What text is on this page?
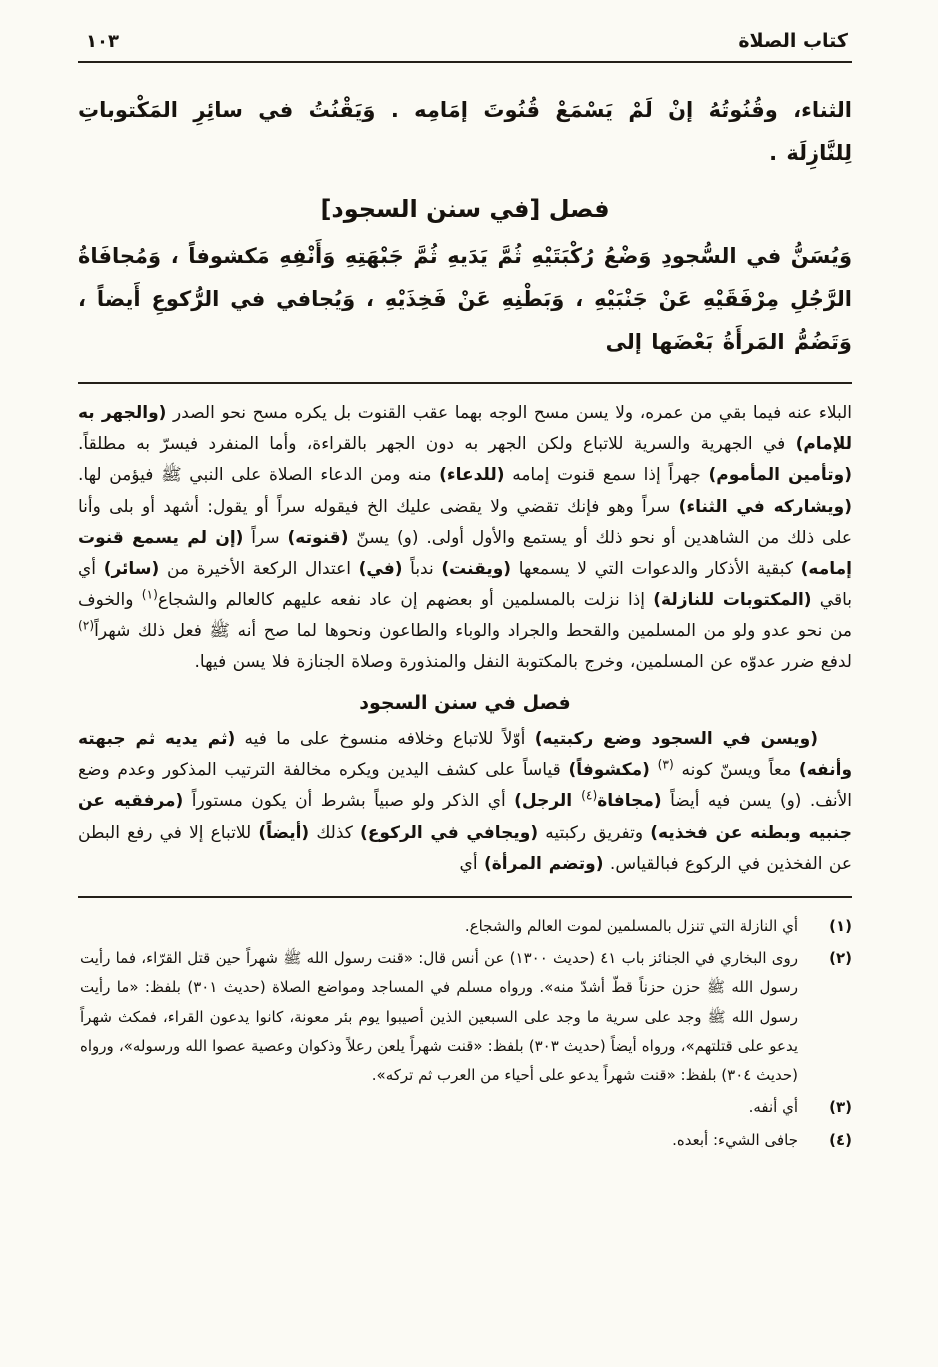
كتاب الصلاة
١٠٣

الثناء، وقُنُوتُهُ إنْ لَمْ يَسْمَعْ قُنُوتَ إمَامِه . وَيَقْنُتُ في سائِرِ المَكْتوباتِ لِلنَّازِلَة .

فصل [في سنن السجود]

وَيُسَنُّ في السُّجودِ وَضْعُ رُكْبَتَيْهِ ثُمَّ يَدَيهِ ثُمَّ جَبْهَتِهِ وَأَنْفِهِ مَكشوفاً ، وَمُجافَاةُ الرَّجُلِ مِرْفَقَيْهِ عَنْ جَنْبَيْهِ ، وَبَطْنِهِ عَنْ فَخِذَيْهِ ، وَيُجافي في الرُّكوعِ أَيضاً ، وَتَضُمُّ المَرأَةُ بَعْضَها إلى

البلاء عنه فيما بقي من عمره، ولا يسن مسح الوجه بهما عقب القنوت بل يكره مسح نحو الصدر (والجهر به للإمام) في الجهرية والسرية للاتباع ولكن الجهر به دون الجهر بالقراءة، وأما المنفرد فيسرّ به مطلقاً. (وتأمين المأموم) جهراً إذا سمع قنوت إمامه (للدعاء) منه ومن الدعاء الصلاة على النبي ﷺ فيؤمن لها. (ويشاركه في الثناء) سراً وهو فإنك تقضي ولا يقضى عليك الخ فيقوله سراً أو يقول: أشهد أو بلى وأنا على ذلك من الشاهدين أو نحو ذلك أو يستمع والأول أولى. (و) يسنّ (قنوته) سراً (إن لم يسمع قنوت إمامه) كبقية الأذكار والدعوات التي لا يسمعها (ويقنت) ندباً (في) اعتدال الركعة الأخيرة من (سائر) أي باقي (المكتوبات للنازلة) إذا نزلت بالمسلمين أو بعضهم إن عاد نفعه عليهم كالعالم والشجاع$^{(١)}$ والخوف من نحو عدو ولو من المسلمين والقحط والجراد والوباء والطاعون ونحوها لما صح أنه ﷺ فعل ذلك شهراً$^{(٢)}$ لدفع ضرر عدوّه عن المسلمين، وخرج بالمكتوبة النفل والمنذورة وصلاة الجنازة فلا يسن فيها.

فصل في سنن السجود

(ويسن في السجود وضع ركبتيه) أوّلاً للاتباع وخلافه منسوخ على ما فيه (ثم يديه ثم جبهته وأنفه) معاً ويسنّ كونه $^{(٣)}$ (مكشوفاً) قياساً على كشف اليدين ويكره مخالفة الترتيب المذكور وعدم وضع الأنف. (و) يسن فيه أيضاً (مجافاة$^{(٤)}$ الرجل) أي الذكر ولو صبياً بشرط أن يكون مستوراً (مرفقيه عن جنبيه وبطنه عن فخذيه) وتفريق ركبتيه (ويجافي في الركوع) كذلك (أيضاً) للاتباع إلا في رفع البطن عن الفخذين في الركوع فبالقياس. (وتضم المرأة) أي

(١)
أي النازلة التي تنزل بالمسلمين لموت العالم والشجاع.
(٢)
روى البخاري في الجنائز باب ٤١ (حديث ١٣٠٠) عن أنس قال: «قنت رسول الله ﷺ شهراً حين قتل القرّاء، فما رأيت رسول الله ﷺ حزن حزناً قطّ أشدّ منه». ورواه مسلم في المساجد ومواضع الصلاة (حديث ٣٠١) بلفظ: «ما رأيت رسول الله ﷺ وجد على سرية ما وجد على السبعين الذين أصيبوا يوم بئر معونة، كانوا يدعون القراء، فمكث شهراً يدعو على قتلتهم»، ورواه أيضاً (حديث ٣٠٣) بلفظ: «قنت شهراً يلعن رعلاً وذكوان وعصية عصوا الله ورسوله»، ورواه (حديث ٣٠٤) بلفظ: «قنت شهراً يدعو على أحياء من العرب ثم تركه».
(٣)
أي أنفه.
(٤)
جافى الشيء: أبعده.
